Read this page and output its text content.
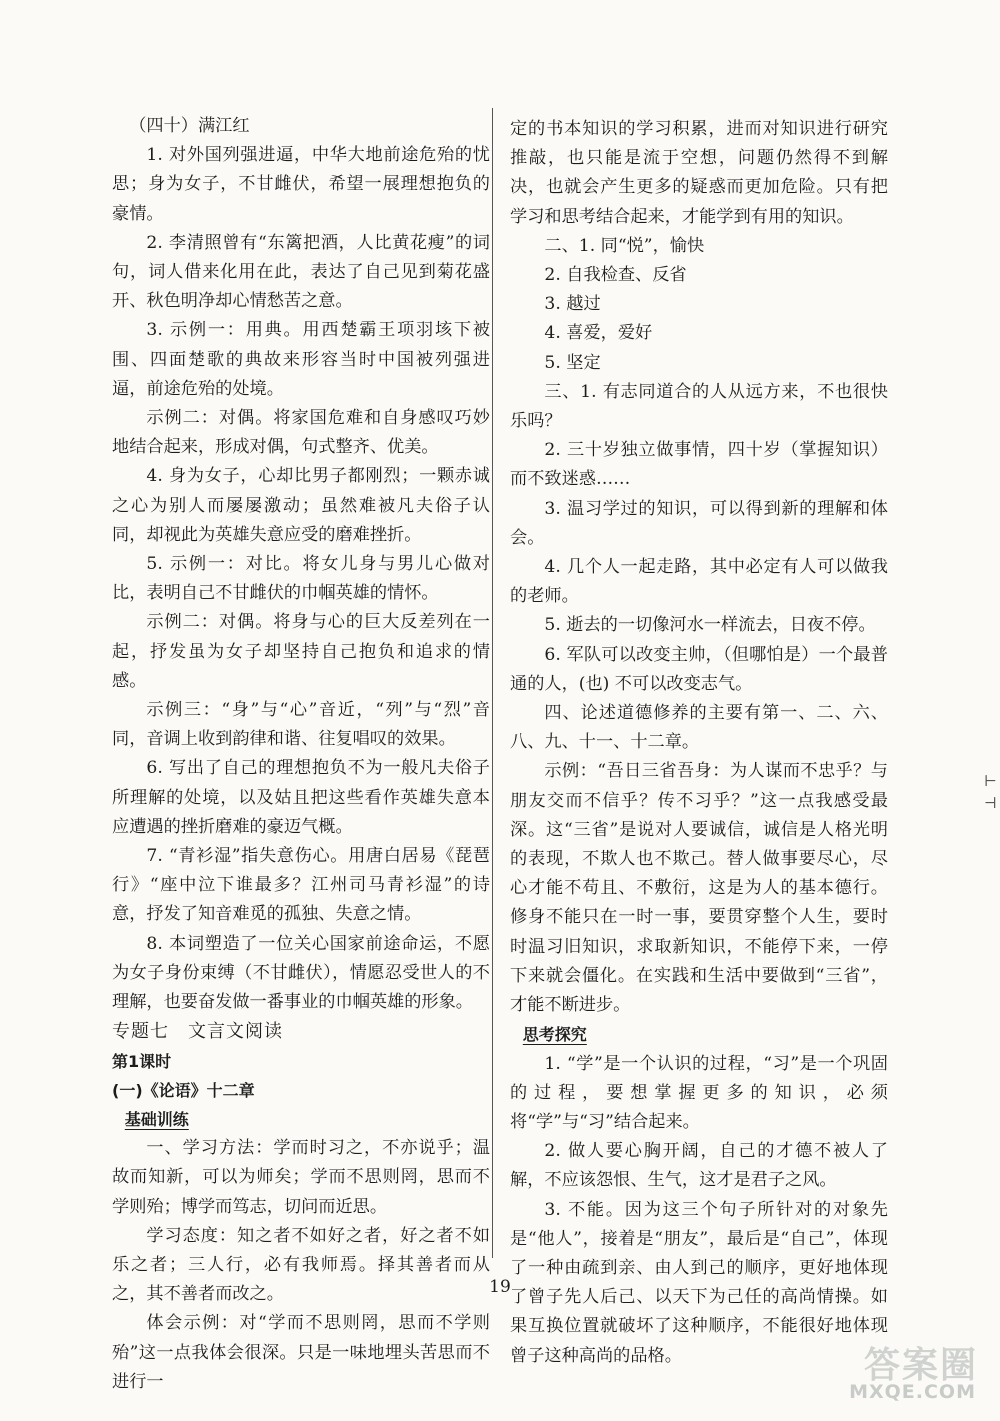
（四十）满江红

1. 对外国列强进逼，中华大地前途危殆的忧思；身为女子，不甘雌伏，希望一展理想抱负的豪情。

2. 李清照曾有“东篱把酒，人比黄花瘦”的词句，词人借来化用在此，表达了自己见到菊花盛开、秋色明净却心情愁苦之意。

3. 示例一：用典。用西楚霸王项羽垓下被围、四面楚歌的典故来形容当时中国被列强进逼，前途危殆的处境。

示例二：对偶。将家国危难和自身感叹巧妙地结合起来，形成对偶，句式整齐、优美。

4. 身为女子，心却比男子都刚烈；一颗赤诚之心为别人而屡屡激动；虽然难被凡夫俗子认同，却视此为英雄失意应受的磨难挫折。

5. 示例一：对比。将女儿身与男儿心做对比，表明自己不甘雌伏的巾帼英雄的情怀。

示例二：对偶。将身与心的巨大反差列在一起，抒发虽为女子却坚持自己抱负和追求的情感。

示例三：“身”与“心”音近，“列”与“烈”音同，音调上收到韵律和谐、往复唱叹的效果。

6. 写出了自己的理想抱负不为一般凡夫俗子所理解的处境，以及姑且把这些看作英雄失意本应遭遇的挫折磨难的豪迈气概。

7. “青衫湿”指失意伤心。用唐白居易《琵琶行》“座中泣下谁最多？江州司马青衫湿”的诗意，抒发了知音难觅的孤独、失意之情。

8. 本词塑造了一位关心国家前途命运，不愿为女子身份束缚（不甘雌伏），情愿忍受世人的不理解，也要奋发做一番事业的巾帼英雄的形象。

专题七　文言文阅读

第1课时

(一)《论语》十二章

基础训练

一、学习方法：学而时习之，不亦说乎；温故而知新，可以为师矣；学而不思则罔，思而不学则殆；博学而笃志，切问而近思。

学习态度：知之者不如好之者，好之者不如乐之者；三人行，必有我师焉。择其善者而从之，其不善者而改之。

体会示例：对“学而不思则罔，思而不学则殆”这一点我体会很深。只是一味地埋头苦思而不进行一

定的书本知识的学习积累，进而对知识进行研究推敲，也只能是流于空想，问题仍然得不到解决，也就会产生更多的疑惑而更加危险。只有把学习和思考结合起来，才能学到有用的知识。

二、1. 同“悦”，愉快

2. 自我检查、反省

3. 越过

4. 喜爱，爱好

5. 坚定

三、1. 有志同道合的人从远方来，不也很快乐吗？

2. 三十岁独立做事情，四十岁（掌握知识）而不致迷惑……

3. 温习学过的知识，可以得到新的理解和体会。

4. 几个人一起走路，其中必定有人可以做我的老师。

5. 逝去的一切像河水一样流去，日夜不停。

6. 军队可以改变主帅，（但哪怕是）一个最普通的人，(也) 不可以改变志气。

四、论述道德修养的主要有第一、二、六、八、九、十一、十二章。

示例：“吾日三省吾身：为人谋而不忠乎？与朋友交而不信乎？传不习乎？”这一点我感受最深。这“三省”是说对人要诚信，诚信是人格光明的表现，不欺人也不欺己。替人做事要尽心，尽心才能不苟且、不敷衍，这是为人的基本德行。修身不能只在一时一事，要贯穿整个人生，要时时温习旧知识，求取新知识，不能停下来，一停下来就会僵化。在实践和生活中要做到“三省”，才能不断进步。

思考探究

1. “学”是一个认识的过程，“习”是一个巩固的过程，要想掌握更多的知识，必须将“学”与“习”结合起来。

2. 做人要心胸开阔，自己的才德不被人了解，不应该怨恨、生气，这才是君子之风。

3. 不能。因为这三个句子所针对的对象先是“他人”，接着是“朋友”，最后是“自己”，体现了一种由疏到亲、由人到己的顺序，更好地体现了曾子先人后己、以天下为己任的高尚情操。如果互换位置就破坏了这种顺序，不能很好地体现曾子这种高尚的品格。

⊢
⊣
19
答案圈
MXQE.COM
